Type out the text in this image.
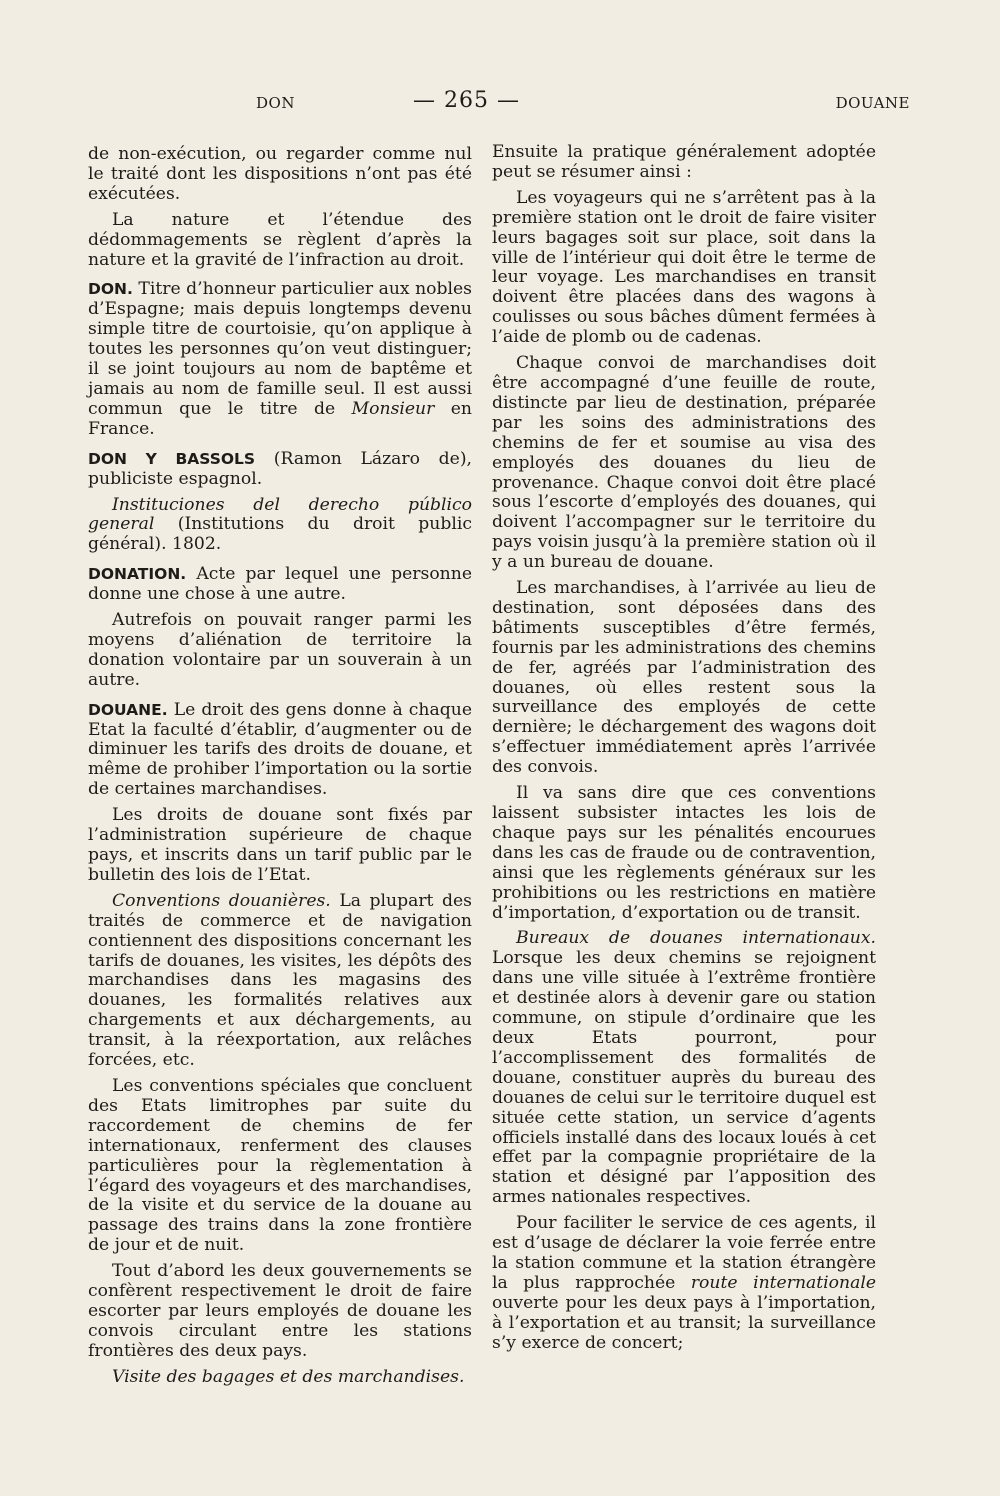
DON	— 265 —	DOUANE

de non-exécution, ou regarder comme nul le traité dont les dispositions n’ont pas été exécutées.

La nature et l’étendue des dédommagements se règlent d’après la nature et la gravité de l’infraction au droit.

DON. Titre d’honneur particulier aux nobles d’Espagne; mais depuis longtemps devenu simple titre de courtoisie, qu’on applique à toutes les personnes qu’on veut distinguer; il se joint toujours au nom de baptême et jamais au nom de famille seul. Il est aussi commun que le titre de Monsieur en France.

DON Y BASSOLS (Ramon Lázaro de), publiciste espagnol.

Instituciones del derecho público general (Institutions du droit public général). 1802.

DONATION. Acte par lequel une personne donne une chose à une autre.

Autrefois on pouvait ranger parmi les moyens d’aliénation de territoire la donation volontaire par un souverain à un autre.

DOUANE. Le droit des gens donne à chaque Etat la faculté d’établir, d’augmenter ou de diminuer les tarifs des droits de douane, et même de prohiber l’importation ou la sortie de certaines marchandises.

Les droits de douane sont fixés par l’administration supérieure de chaque pays, et inscrits dans un tarif public par le bulletin des lois de l’Etat.

Conventions douanières. La plupart des traités de commerce et de navigation contiennent des dispositions concernant les tarifs de douanes, les visites, les dépôts des marchandises dans les magasins des douanes, les formalités relatives aux chargements et aux déchargements, au transit, à la réexportation, aux relâches forcées, etc.

Les conventions spéciales que concluent des Etats limitrophes par suite du raccordement de chemins de fer internationaux, renferment des clauses particulières pour la règlementation à l’égard des voyageurs et des marchandises, de la visite et du service de la douane au passage des trains dans la zone frontière de jour et de nuit.

Tout d’abord les deux gouvernements se confèrent respectivement le droit de faire escorter par leurs employés de douane les convois circulant entre les stations frontières des deux pays.

Visite des bagages et des marchandises.

Ensuite la pratique généralement adoptée peut se résumer ainsi :

Les voyageurs qui ne s’arrêtent pas à la première station ont le droit de faire visiter leurs bagages soit sur place, soit dans la ville de l’intérieur qui doit être le terme de leur voyage. Les marchandises en transit doivent être placées dans des wagons à coulisses ou sous bâches dûment fermées à l’aide de plomb ou de cadenas.

Chaque convoi de marchandises doit être accompagné d’une feuille de route, distincte par lieu de destination, préparée par les soins des administrations des chemins de fer et soumise au visa des employés des douanes du lieu de provenance. Chaque convoi doit être placé sous l’escorte d’employés des douanes, qui doivent l’accompagner sur le territoire du pays voisin jusqu’à la première station où il y a un bureau de douane.

Les marchandises, à l’arrivée au lieu de destination, sont déposées dans des bâtiments susceptibles d’être fermés, fournis par les administrations des chemins de fer, agréés par l’administration des douanes, où elles restent sous la surveillance des employés de cette dernière; le déchargement des wagons doit s’effectuer immédiatement après l’arrivée des convois.

Il va sans dire que ces conventions laissent subsister intactes les lois de chaque pays sur les pénalités encourues dans les cas de fraude ou de contravention, ainsi que les règlements généraux sur les prohibitions ou les restrictions en matière d’importation, d’exportation ou de transit.

Bureaux de douanes internationaux. Lorsque les deux chemins se rejoignent dans une ville située à l’extrême frontière et destinée alors à devenir gare ou station commune, on stipule d’ordinaire que les deux Etats pourront, pour l’accomplissement des formalités de douane, constituer auprès du bureau des douanes de celui sur le territoire duquel est située cette station, un service d’agents officiels installé dans des locaux loués à cet effet par la compagnie propriétaire de la station et désigné par l’apposition des armes nationales respectives.

Pour faciliter le service de ces agents, il est d’usage de déclarer la voie ferrée entre la station commune et la station étrangère la plus rapprochée route internationale ouverte pour les deux pays à l’importation, à l’exportation et au transit; la surveillance s’y exerce de concert;
